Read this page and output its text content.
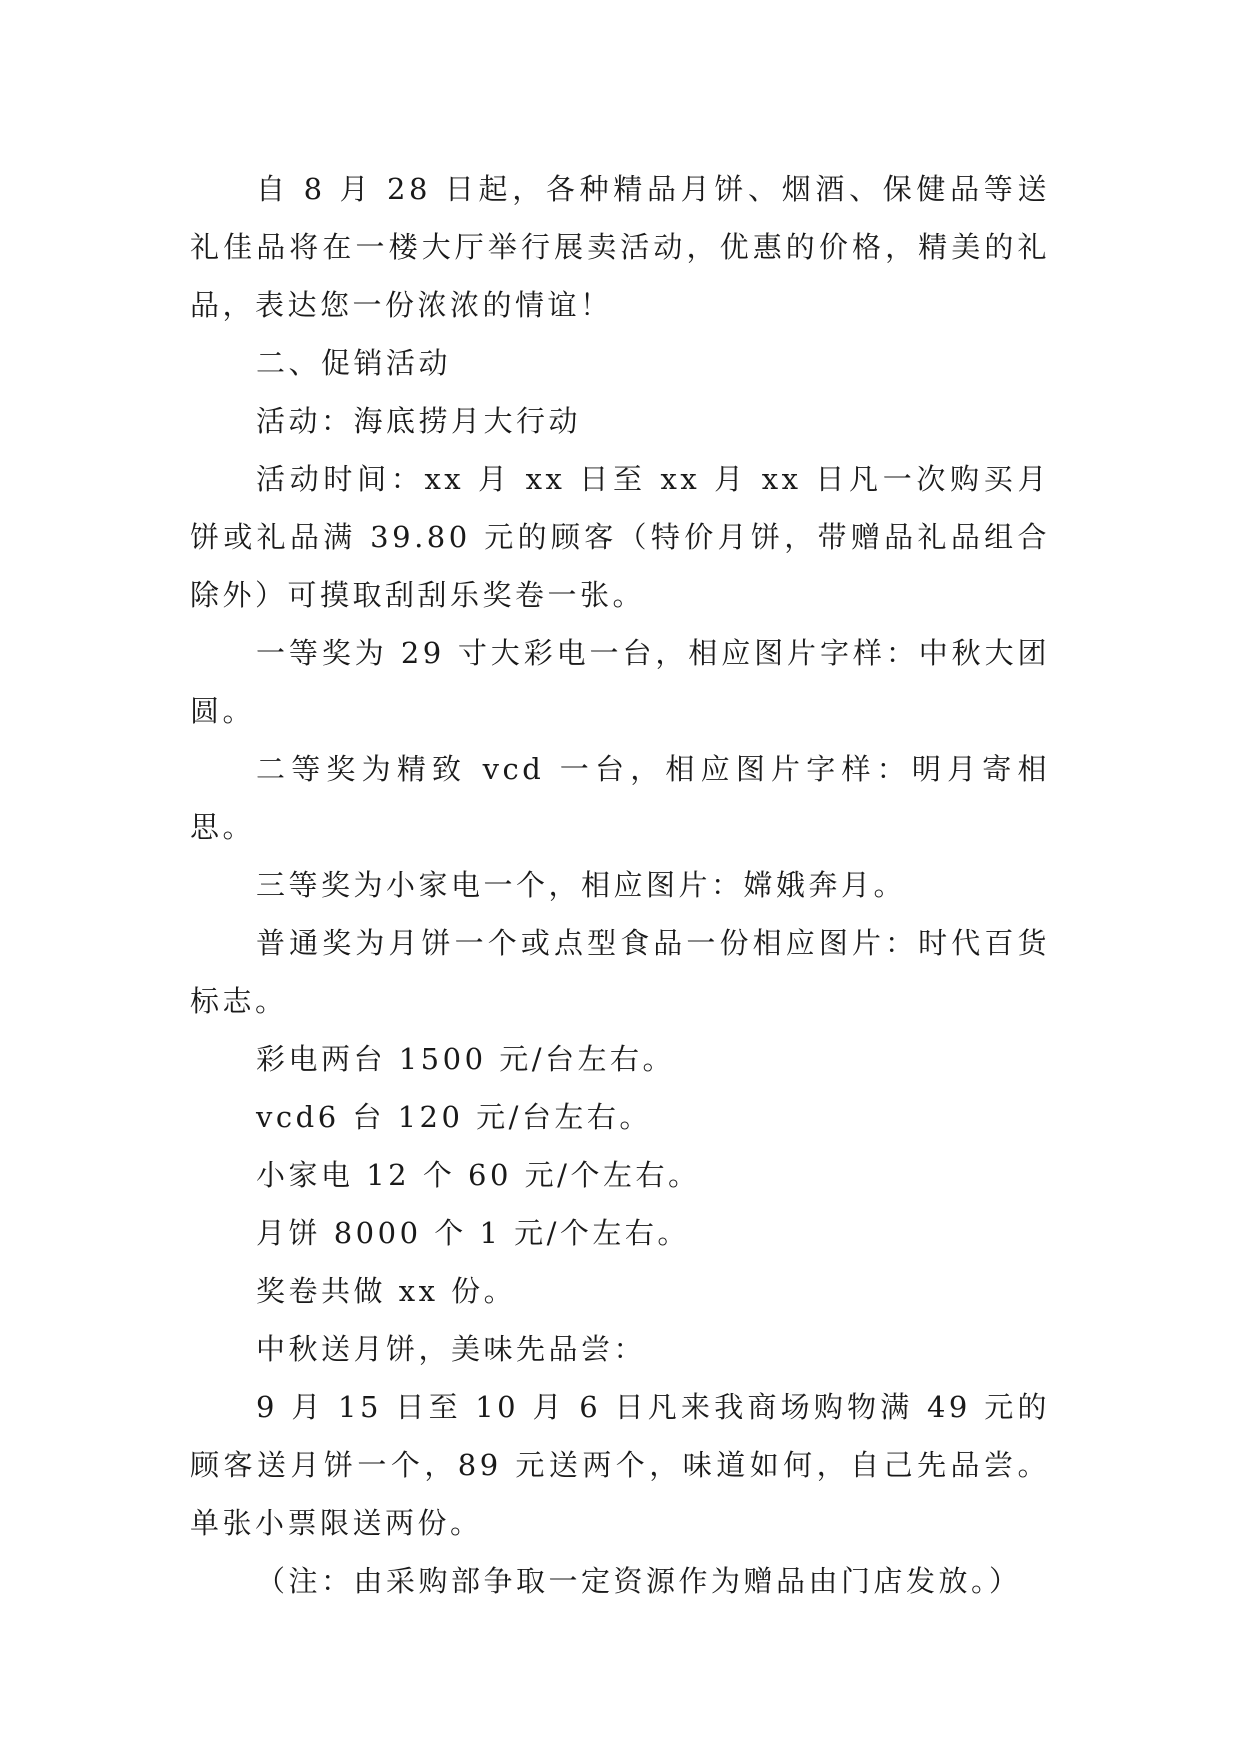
自 8 月 28 日起，各种精品月饼、烟酒、保健品等送礼佳品将在一楼大厅举行展卖活动，优惠的价格，精美的礼品，表达您一份浓浓的情谊！

二、促销活动

活动：海底捞月大行动

活动时间：xx 月 xx 日至 xx 月 xx 日凡一次购买月饼或礼品满 39.80 元的顾客（特价月饼，带赠品礼品组合除外）可摸取刮刮乐奖卷一张。

一等奖为 29 寸大彩电一台，相应图片字样：中秋大团圆。

二等奖为精致 vcd 一台，相应图片字样：明月寄相思。

三等奖为小家电一个，相应图片：嫦娥奔月。

普通奖为月饼一个或点型食品一份相应图片：时代百货标志。

彩电两台 1500 元/台左右。

vcd6 台 120 元/台左右。

小家电 12 个 60 元/个左右。

月饼 8000 个 1 元/个左右。

奖卷共做 xx 份。

中秋送月饼，美味先品尝：

9 月 15 日至 10 月 6 日凡来我商场购物满 49 元的顾客送月饼一个，89 元送两个，味道如何，自己先品尝。单张小票限送两份。

（注：由采购部争取一定资源作为赠品由门店发放。）
